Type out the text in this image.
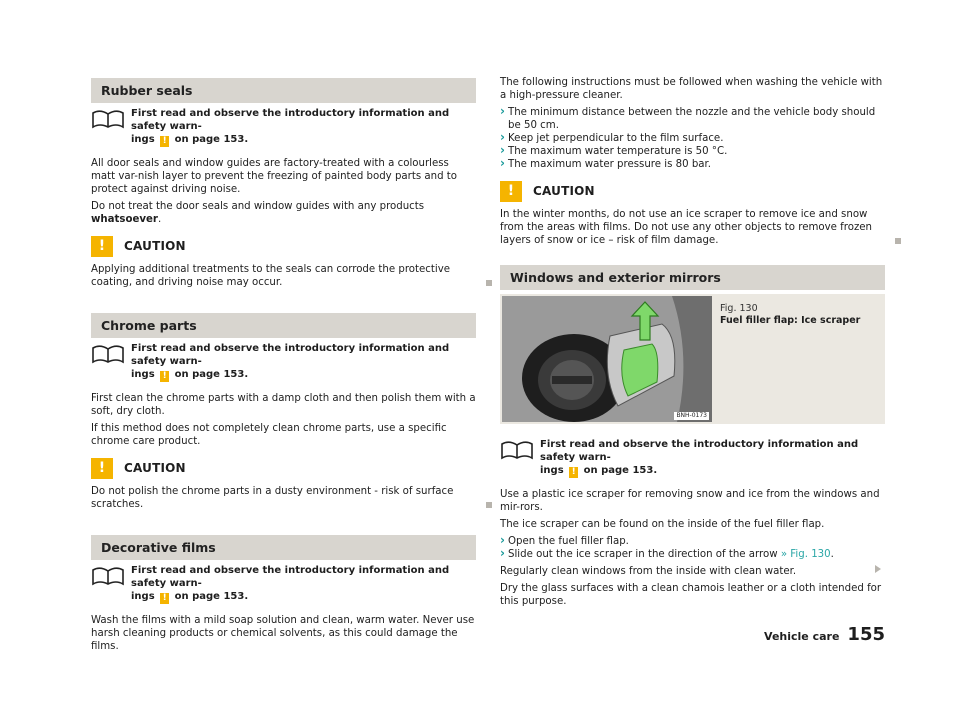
Rubber seals
First read and observe the introductory information and safety warn-
ings ! on page 153.

All door seals and window guides are factory-treated with a colourless matt var-nish layer to prevent the freezing of painted body parts and to protect against driving noise.

Do not treat the door seals and window guides with any products whatsoever.

!	CAUTION

Applying additional treatments to the seals can corrode the protective coating, and driving noise may occur.

Chrome parts
First read and observe the introductory information and safety warn-
ings ! on page 153.

First clean the chrome parts with a damp cloth and then polish them with a soft, dry cloth.

If this method does not completely clean chrome parts, use a specific chrome care product.

!	CAUTION

Do not polish the chrome parts in a dusty environment - risk of surface scratches.

Decorative films
First read and observe the introductory information and safety warn-
ings ! on page 153.

Wash the films with a mild soap solution and clean, warm water. Never use harsh cleaning products or chemical solvents, as this could damage the films.

The following instructions must be followed when washing the vehicle with a high-pressure cleaner.

› The minimum distance between the nozzle and the vehicle body should be 50 cm.
› Keep jet perpendicular to the film surface.
› The maximum water temperature is 50 °C.
› The maximum water pressure is 80 bar.
!	CAUTION

In the winter months, do not use an ice scraper to remove ice and snow from the areas with films. Do not use any other objects to remove frozen layers of snow or ice – risk of film damage.

Windows and exterior mirrors
BNH-0173
Fig. 130
Fuel filler flap: Ice scraper
First read and observe the introductory information and safety warn-
ings ! on page 153.

Use a plastic ice scraper for removing snow and ice from the windows and mir-rors.

The ice scraper can be found on the inside of the fuel filler flap.

› Open the fuel filler flap.
› Slide out the ice scraper in the direction of the arrow » Fig. 130.

Regularly clean windows from the inside with clean water.

Dry the glass surfaces with a clean chamois leather or a cloth intended for this purpose.

Vehicle care 155
